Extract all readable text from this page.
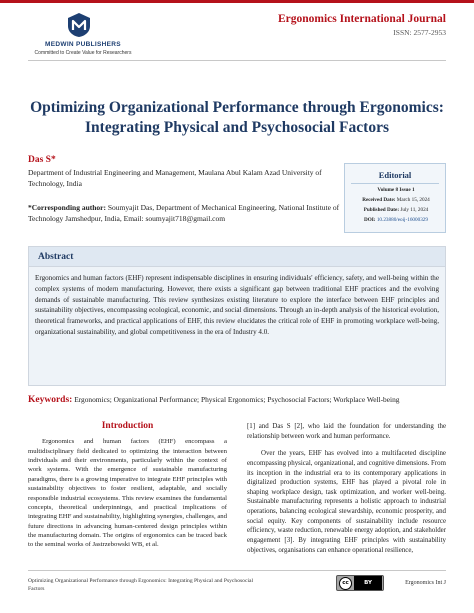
MEDWIN PUBLISHERS
Committed to Create Value for Researchers
Ergonomics International Journal
ISSN: 2577-2953
Optimizing Organizational Performance through Ergonomics:
Integrating Physical and Psychosocial Factors
Das S*
Department of Industrial Engineering and Management, Maulana Abul Kalam Azad University of Technology, India
*Corresponding author: Soumyajit Das, Department of Mechanical Engineering, National Institute of Technology Jamshedpur, India, Email: soumyajit718@gmail.com
Editorial
Volume 8 Issue 1
Received Date: March 15, 2024
Published Date: July 11, 2024
DOI: 10.23880/eoij-16000329
Abstract
Ergonomics and human factors (EHF) represent indispensable disciplines in ensuring individuals' efficiency, safety, and well-being within the complex systems of modern manufacturing. However, there exists a significant gap between traditional EHF practices and the evolving demands of sustainable manufacturing. This review synthesizes existing literature to explore the interface between EHF principles and sustainability objectives, encompassing ecological, economic, and social dimensions. Through an in-depth analysis of the historical evolution, theoretical frameworks, and practical applications of EHF, this review elucidates the critical role of EHF in promoting workplace well-being, organizational sustainability, and global competitiveness in the era of Industry 4.0.
Keywords: Ergonomics; Organizational Performance; Physical Ergonomics; Psychosocial Factors; Workplace Well-being
Introduction
Ergonomics and human factors (EHF) encompass a multidisciplinary field dedicated to optimizing the interaction between individuals and their environments, particularly within the context of work systems. With the emergence of sustainable manufacturing paradigms, there is a growing imperative to integrate EHF principles with sustainability objectives to foster resilient, adaptable, and socially responsible industrial ecosystems. This review examines the fundamental concepts, theoretical underpinnings, and practical implications of integrating EHF and sustainability, highlighting synergies, challenges, and future directions in advancing human-centered design principles within the manufacturing domain. The origins of ergonomics can be traced back to the seminal works of Jastrzebowski WB, et al.
[1] and Das S [2], who laid the foundation for understanding the relationship between work and human performance.
Over the years, EHF has evolved into a multifaceted discipline encompassing physical, organizational, and cognitive dimensions. From its inception in the industrial era to its contemporary applications in digitalized production systems, EHF has played a pivotal role in shaping workplace design, task optimization, and worker well-being. Sustainable manufacturing represents a holistic approach to industrial operations, balancing ecological stewardship, economic prosperity, and social equity. Key components of sustainability include resource efficiency, waste reduction, renewable energy adoption, and stakeholder engagement [3]. By integrating EHF principles with sustainability objectives, organisations can enhance operational resilience,
Optimizing Organizational Performance through Ergonomics: Integrating Physical and Psychosocial Factors
cc	BY	Ergonomics Int J
